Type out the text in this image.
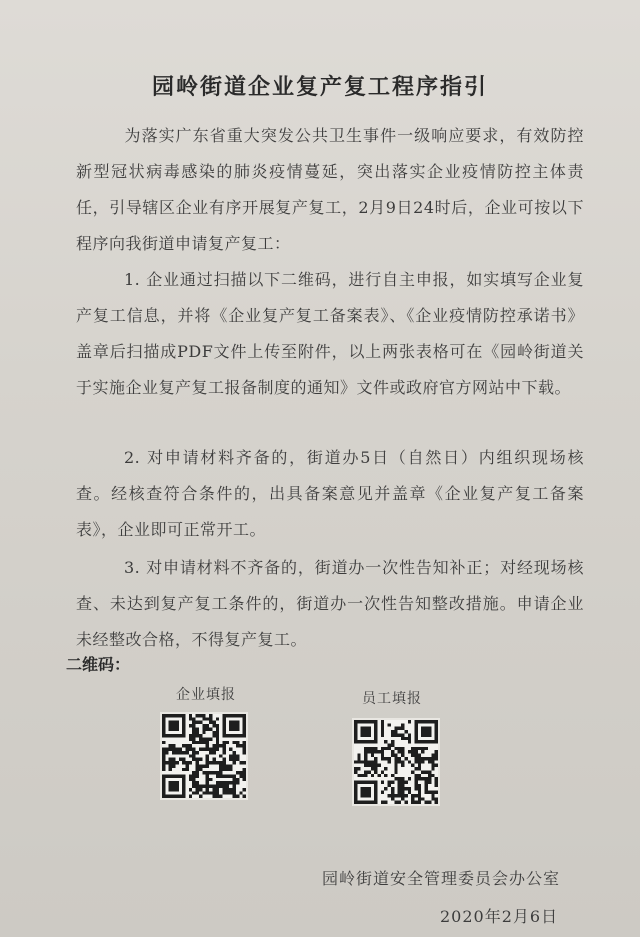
园岭街道企业复产复工程序指引
为落实广东省重大突发公共卫生事件一级响应要求，有效防控新型冠状病毒感染的肺炎疫情蔓延，突出落实企业疫情防控主体责任，引导辖区企业有序开展复产复工，2月9日24时后，企业可按以下程序向我街道申请复产复工：
1. 企业通过扫描以下二维码，进行自主申报，如实填写企业复产复工信息，并将《企业复产复工备案表》、《企业疫情防控承诺书》盖章后扫描成PDF文件上传至附件，以上两张表格可在《园岭街道关于实施企业复产复工报备制度的通知》文件或政府官方网站中下载。
2. 对申请材料齐备的，街道办5日（自然日）内组织现场核查。经核查符合条件的，出具备案意见并盖章《企业复产复工备案表》，企业即可正常开工。
3. 对申请材料不齐备的，街道办一次性告知补正；对经现场核查、未达到复产复工条件的，街道办一次性告知整改措施。申请企业未经整改合格，不得复产复工。
二维码：
企业填报	员工填报
园岭街道安全管理委员会办公室
2020年2月6日
